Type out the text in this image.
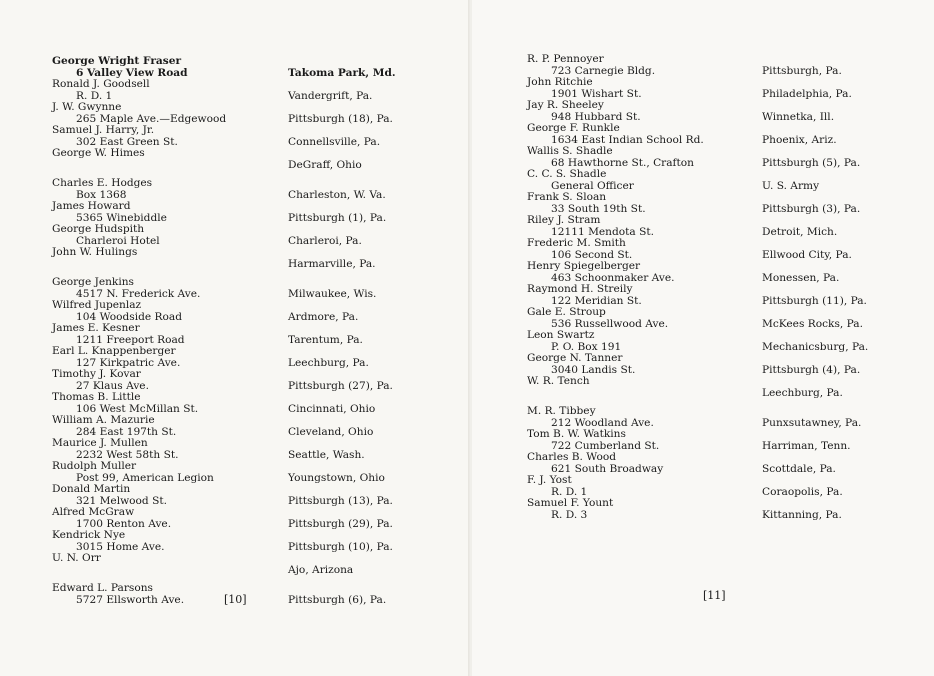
George Wright Fraser
6 Valley View Road
Ronald J. Goodsell
R. D. 1
J. W. Gwynne
265 Maple Ave.—Edgewood
Samuel J. Harry, Jr.
302 East Green St.
George W. Himes
Charles E. Hodges
Box 1368
James Howard
5365 Winebiddle
George Hudspith
Charleroi Hotel
John W. Hulings
George Jenkins
4517 N. Frederick Ave.
Wilfred Jupenlaz
104 Woodside Road
James E. Kesner
1211 Freeport Road
Earl L. Knappenberger
127 Kirkpatric Ave.
Timothy J. Kovar
27 Klaus Ave.
Thomas B. Little
106 West McMillan St.
William A. Mazurie
284 East 197th St.
Maurice J. Mullen
2232 West 58th St.
Rudolph Muller
Post 99, American Legion
Donald Martin
321 Melwood St.
Alfred McGraw
1700 Renton Ave.
Kendrick Nye
3015 Home Ave.
U. N. Orr
Edward L. Parsons
5727 Ellsworth Ave.
Takoma Park, Md.
Vandergrift, Pa.
Pittsburgh (18), Pa.
Connellsville, Pa.
DeGraff, Ohio
Charleston, W. Va.
Pittsburgh (1), Pa.
Charleroi, Pa.
Harmarville, Pa.
Milwaukee, Wis.
Ardmore, Pa.
Tarentum, Pa.
Leechburg, Pa.
Pittsburgh (27), Pa.
Cincinnati, Ohio
Cleveland, Ohio
Seattle, Wash.
Youngstown, Ohio
Pittsburgh (13), Pa.
Pittsburgh (29), Pa.
Pittsburgh (10), Pa.
Ajo, Arizona
Pittsburgh (6), Pa.
[10]
R. P. Pennoyer
723 Carnegie Bldg.
John Ritchie
1901 Wishart St.
Jay R. Sheeley
948 Hubbard St.
George F. Runkle
1634 East Indian School Rd.
Wallis S. Shadle
68 Hawthorne St., Crafton
C. C. S. Shadle
General Officer
Frank S. Sloan
33 South 19th St.
Riley J. Stram
12111 Mendota St.
Frederic M. Smith
106 Second St.
Henry Spiegelberger
463 Schoonmaker Ave.
Raymond H. Streily
122 Meridian St.
Gale E. Stroup
536 Russellwood Ave.
Leon Swartz
P. O. Box 191
George N. Tanner
3040 Landis St.
W. R. Tench
M. R. Tibbey
212 Woodland Ave.
Tom B. W. Watkins
722 Cumberland St.
Charles B. Wood
621 South Broadway
F. J. Yost
R. D. 1
Samuel F. Yount
R. D. 3
Pittsburgh, Pa.
Philadelphia, Pa.
Winnetka, Ill.
Phoenix, Ariz.
Pittsburgh (5), Pa.
U. S. Army
Pittsburgh (3), Pa.
Detroit, Mich.
Ellwood City, Pa.
Monessen, Pa.
Pittsburgh (11), Pa.
McKees Rocks, Pa.
Mechanicsburg, Pa.
Pittsburgh (4), Pa.
Leechburg, Pa.
Punxsutawney, Pa.
Harriman, Tenn.
Scottdale, Pa.
Coraopolis, Pa.
Kittanning, Pa.
[11]
